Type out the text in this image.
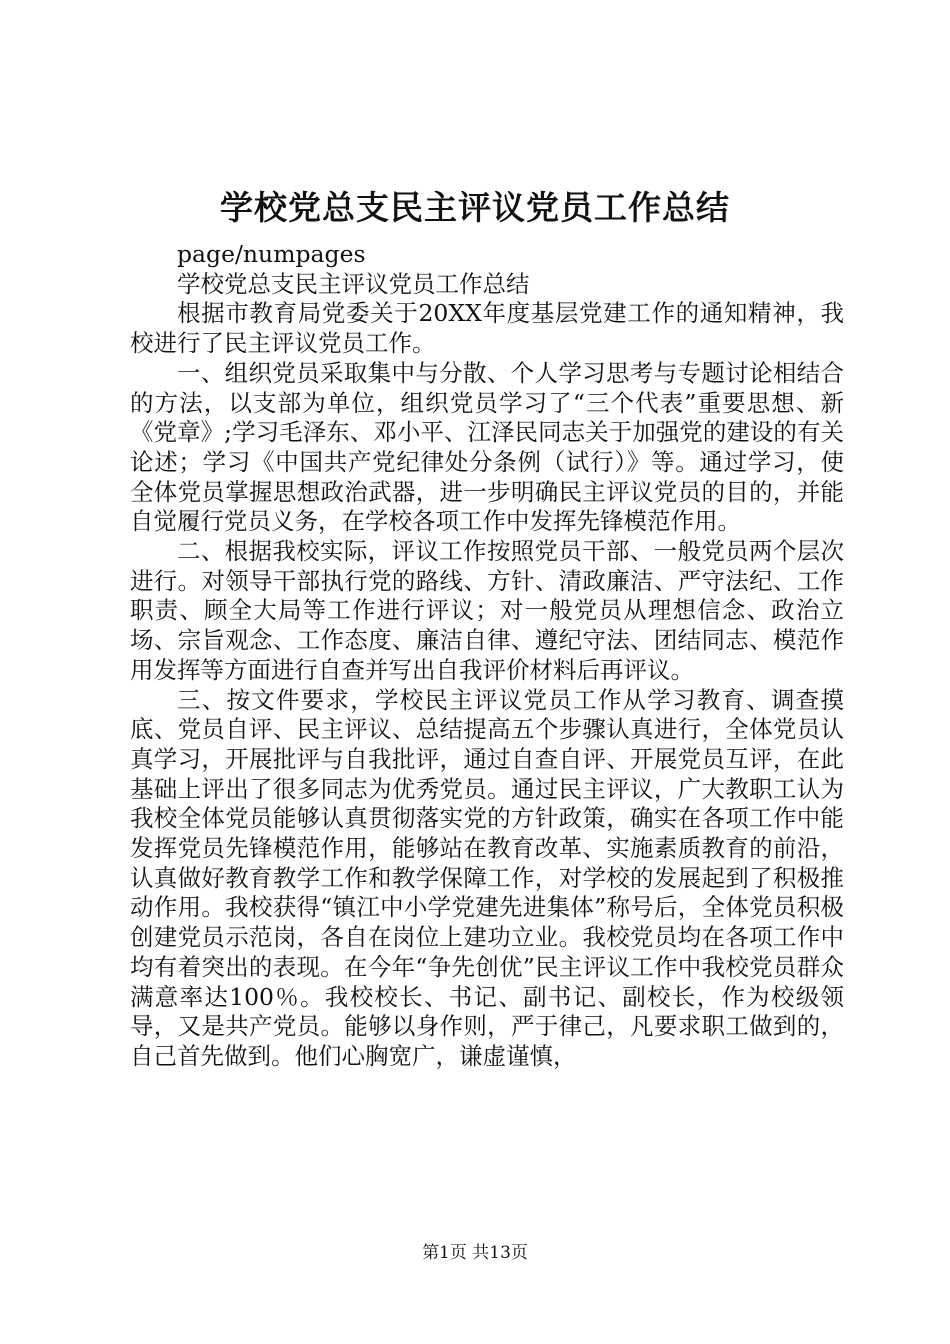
学校党总支民主评议党员工作总结

page/numpages

学校党总支民主评议党员工作总结

根据市教育局党委关于20XX年度基层党建工作的通知精神，我校进行了民主评议党员工作。

一、组织党员采取集中与分散、个人学习思考与专题讨论相结合的方法，以支部为单位，组织党员学习了“三个代表”重要思想、新《党章》;学习毛泽东、邓小平、江泽民同志关于加强党的建设的有关论述；学习《中国共产党纪律处分条例（试行）》等。通过学习，使全体党员掌握思想政治武器，进一步明确民主评议党员的目的，并能自觉履行党员义务，在学校各项工作中发挥先锋模范作用。

二、根据我校实际，评议工作按照党员干部、一般党员两个层次进行。对领导干部执行党的路线、方针、清政廉洁、严守法纪、工作职责、顾全大局等工作进行评议；对一般党员从理想信念、政治立场、宗旨观念、工作态度、廉洁自律、遵纪守法、团结同志、模范作用发挥等方面进行自查并写出自我评价材料后再评议。

三、按文件要求，学校民主评议党员工作从学习教育、调查摸底、党员自评、民主评议、总结提高五个步骤认真进行，全体党员认真学习，开展批评与自我批评，通过自查自评、开展党员互评，在此基础上评出了很多同志为优秀党员。通过民主评议，广大教职工认为我校全体党员能够认真贯彻落实党的方针政策，确实在各项工作中能发挥党员先锋模范作用，能够站在教育改革、实施素质教育的前沿，认真做好教育教学工作和教学保障工作，对学校的发展起到了积极推动作用。我校获得“镇江中小学党建先进集体”称号后，全体党员积极创建党员示范岗，各自在岗位上建功立业。我校党员均在各项工作中均有着突出的表现。在今年“争先创优”民主评议工作中我校党员群众满意率达100％。我校校长、书记、副书记、副校长，作为校级领导，又是共产党员。能够以身作则，严于律己，凡要求职工做到的，自己首先做到。他们心胸宽广，谦虚谨慎，

第1页 共13页
